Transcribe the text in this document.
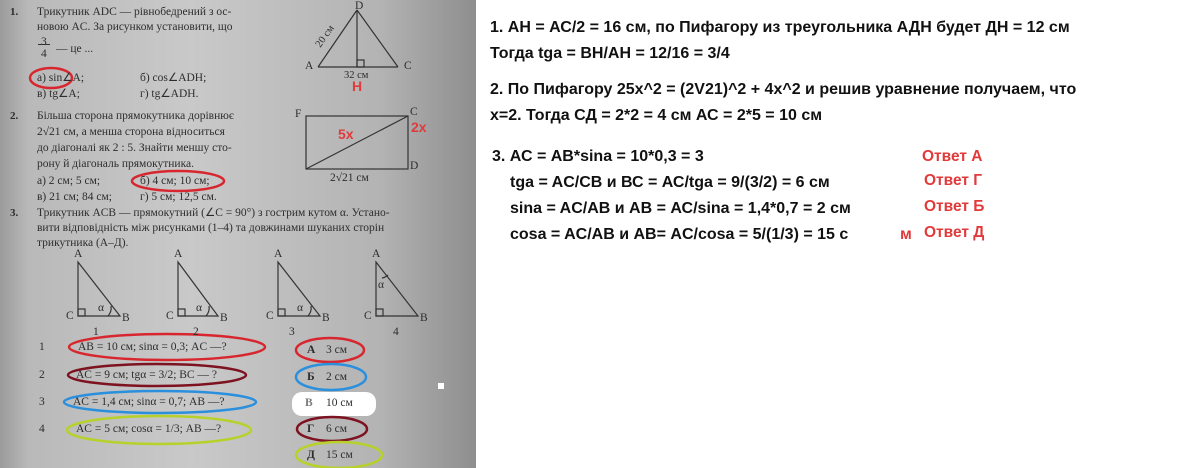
1. Трикутник ADC — рівнобедрений з ос-
новою AC. За рисунком установити, що
3
4 — це ...
а) sin∠A;	б) cos∠ADH;
в) tg∠A;	г) tg∠ADH.
D
A	C
20 см
32 см
H
2. Більша сторона прямокутника дорівнює
2√21 см, а менша сторона відноситься
до діагоналі як 2 : 5. Знайти меншу сто-
рону й діагональ прямокутника.
а) 2 см; 5 см;	б) 4 см; 10 см;
в) 21 см; 84 см; г) 5 см; 12,5 см.
F	C
D
5x	2x
2√21 см
3. Трикутник ACB — прямокутний (∠C = 90°) з гострим кутом α. Устано-
вити відповідність між рисунками (1–4) та довжинами шуканих сторін
трикутника (А–Д).
A
C	B
α
1
A
C	B
α
2
A
C	B
α
3
A
C	B
α
4
1	AB = 10 см; sinα = 0,3; AC —?
2	AC = 9 см; tgα = 3/2; BC — ?
3 AC = 1,4 см; sinα = 0,7; AB —?
4	AC = 5 см; cosα = 1/3; AB —?
А 3 см
Б 2 см
В 10 см
Г 6 см
Д 15 см
1. АН = АС/2 = 16 см, по Пифагору из треугольника АДН будет ДН = 12 см
Тогда tga = BH/AH = 12/16 = 3/4
2. По Пифагору 25x^2 = (2V21)^2 + 4x^2 и решив уравнение получаем, что
x=2. Тогда СД = 2*2 = 4 см АС = 2*5 = 10 см
3. АС = АВ*sina = 10*0,3 = 3
tga = AC/CB и ВС = АС/tga = 9/(3/2) = 6 см
sina = AC/AB и АВ = АС/sina = 1,4*0,7 = 2 см
cosa = AC/AB и АВ= AC/cosa = 5/(1/3) = 15 с	м
Ответ А
Ответ Г
Ответ Б
Ответ Д
